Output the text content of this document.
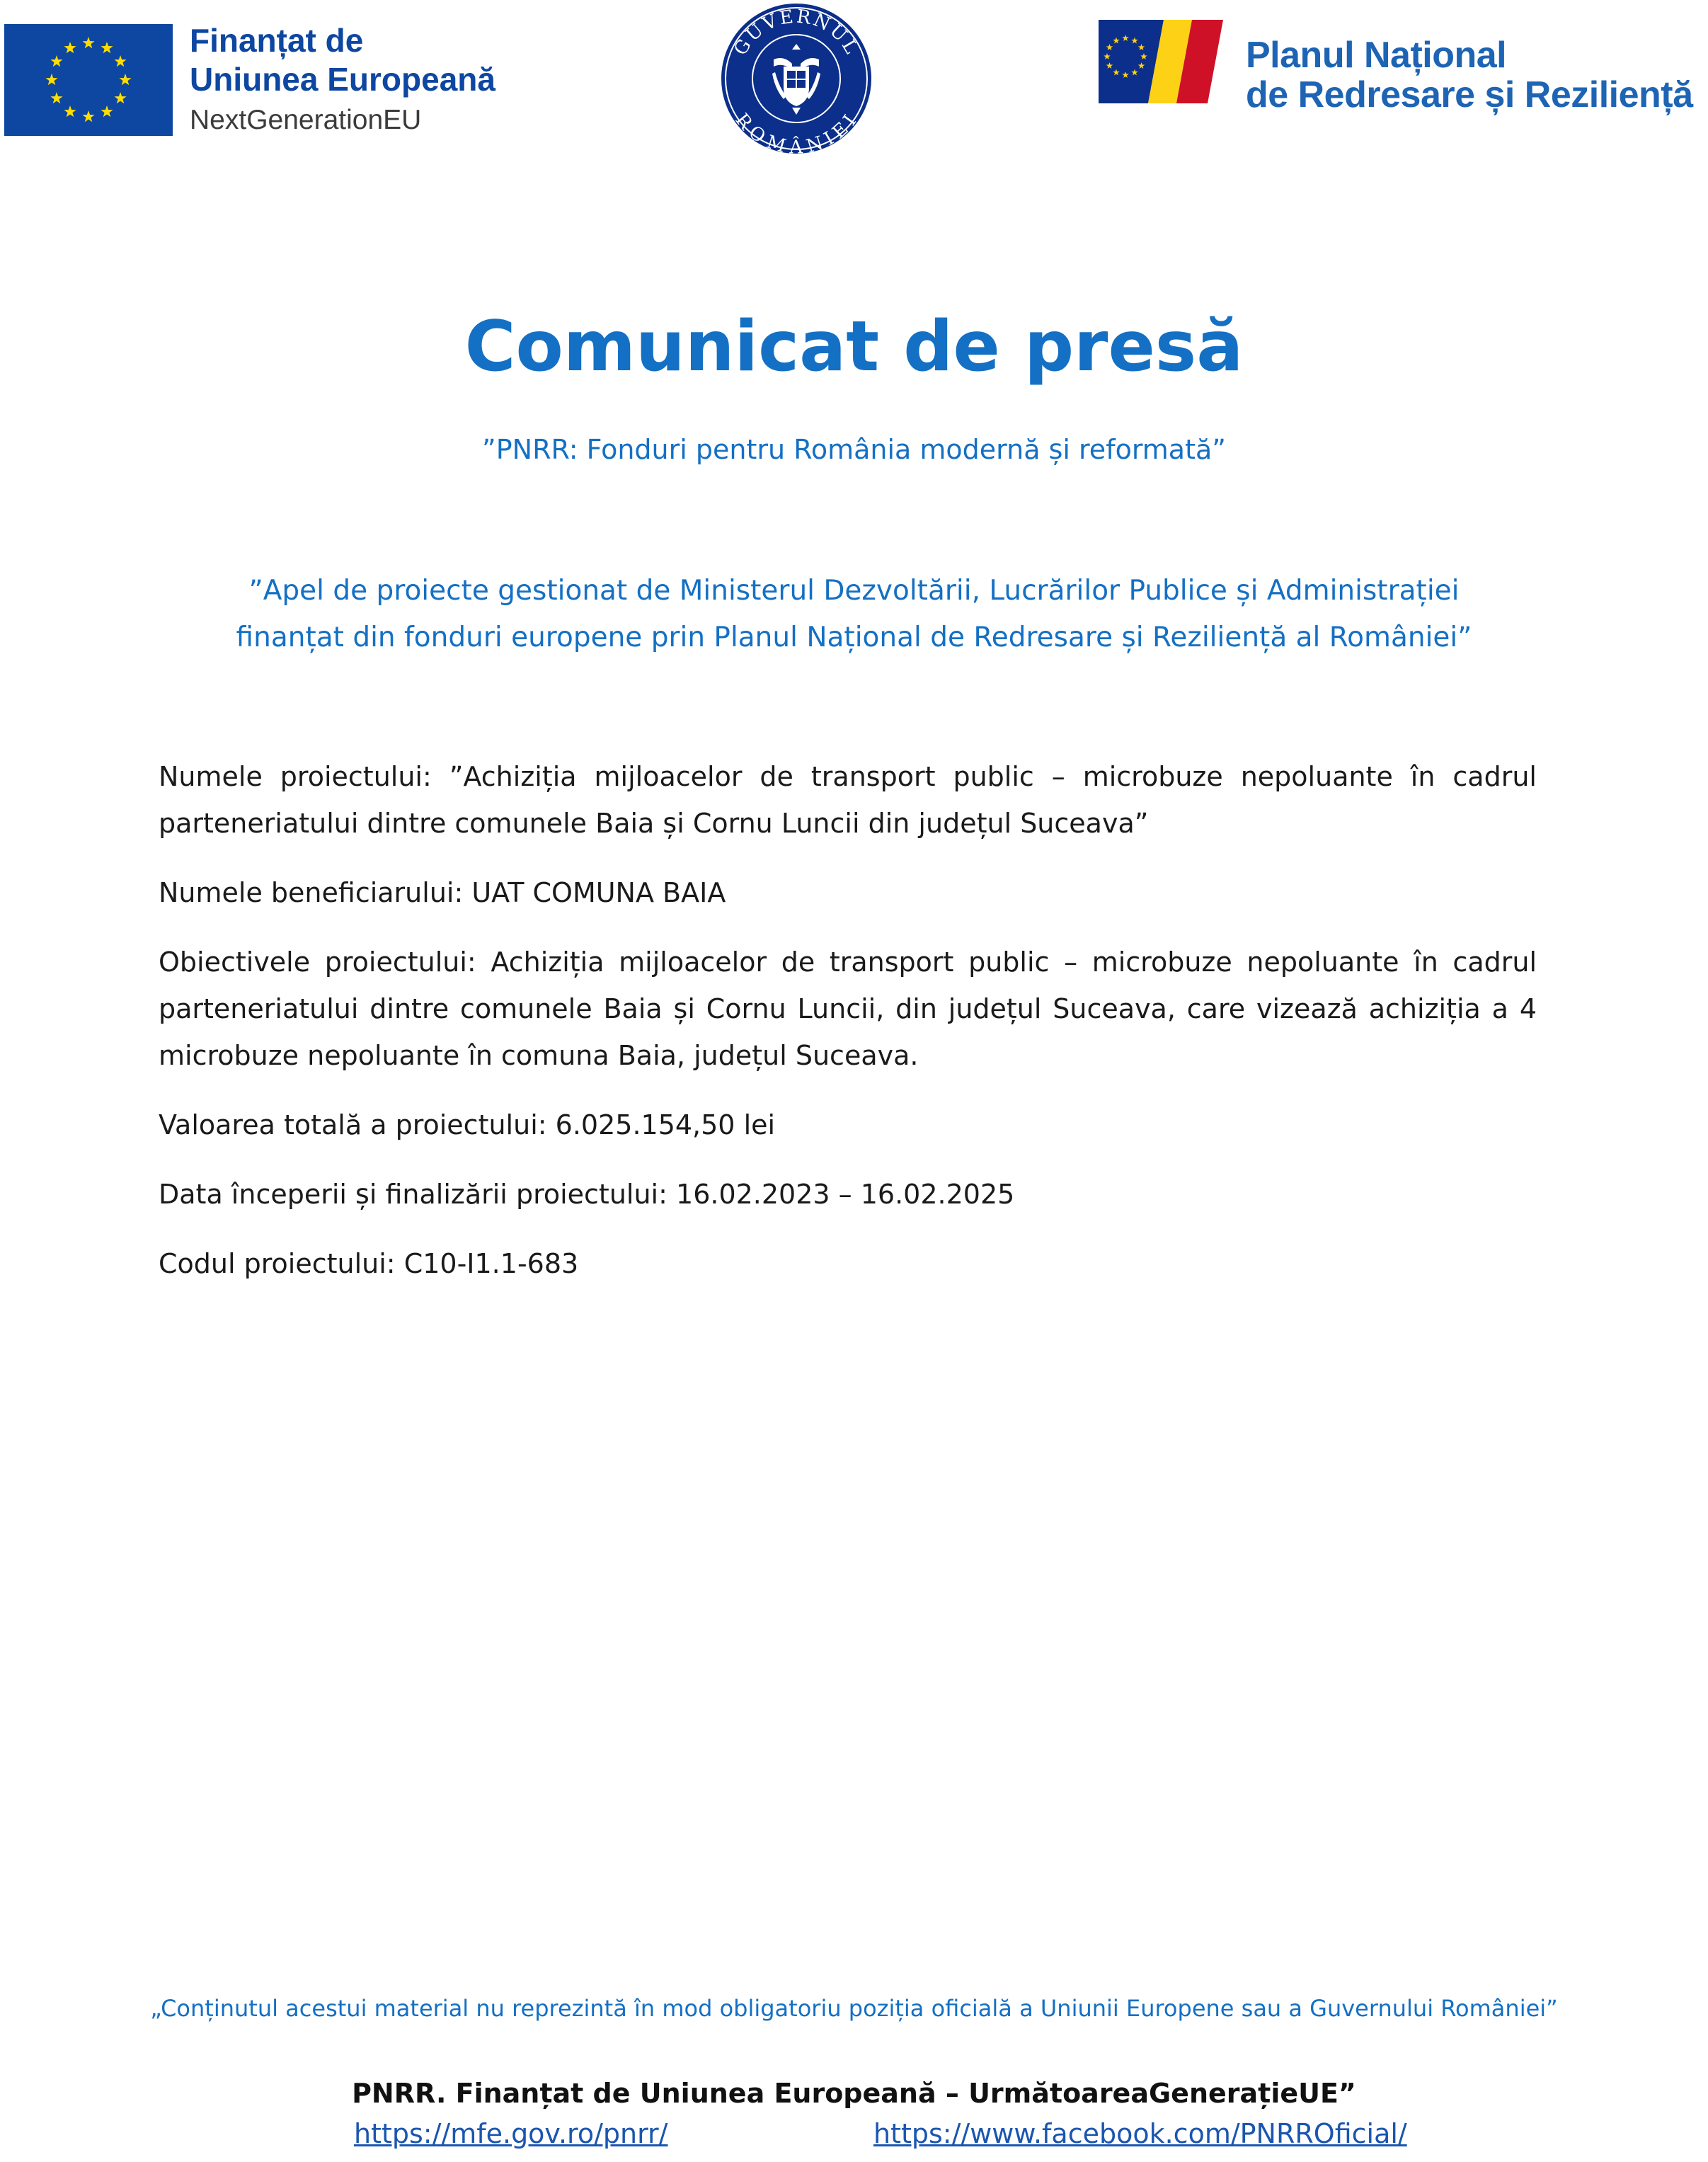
Finanțat de
Uniunea Europeană
NextGenerationEU
GUVERNUL
ROMÂNIEI
Planul Național
de Redresare și Reziliență
Comunicat de presă
”PNRR: Fonduri pentru România modernă și reformată”
”Apel de proiecte gestionat de Ministerul Dezvoltării, Lucrărilor Publice și Administrației
finanțat din fonduri europene prin Planul Național de Redresare și Reziliență al României”

Numele proiectului: ”Achiziția mijloacelor de transport public – microbuze nepoluante în cadrul parteneriatului dintre comunele Baia și Cornu Luncii din județul Suceava”

Numele beneficiarului: UAT COMUNA BAIA

Obiectivele proiectului: Achiziția mijloacelor de transport public – microbuze nepoluante în cadrul parteneriatului dintre comunele Baia și Cornu Luncii, din județul Suceava, care vizează achiziția a 4 microbuze nepoluante în comuna Baia, județul Suceava.

Valoarea totală a proiectului: 6.025.154,50 lei

Data începerii și finalizării proiectului: 16.02.2023 – 16.02.2025

Codul proiectului: C10-I1.1-683

„Conținutul acestui material nu reprezintă în mod obligatoriu poziția oficială a Uniunii Europene sau a Guvernului României”
PNRR. Finanțat de Uniunea Europeană – UrmătoareaGenerațieUE”
https://mfe.gov.ro/pnrr/	https://www.facebook.com/PNRROficial/
